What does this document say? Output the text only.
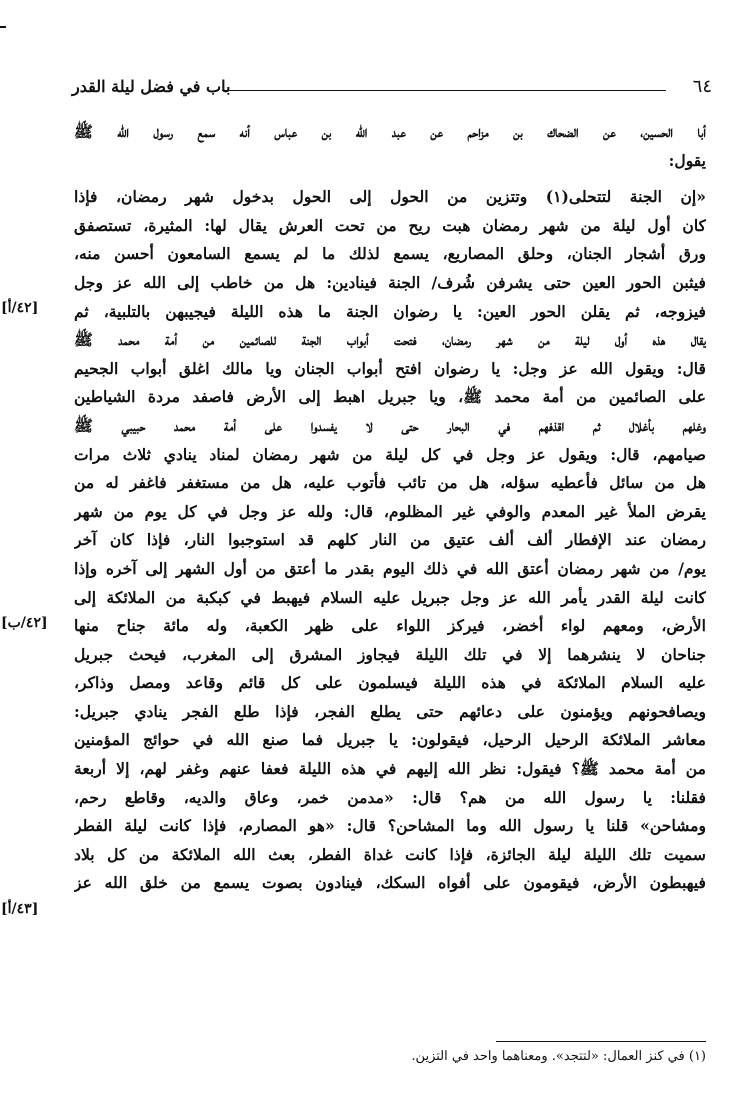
٦٤
باب في فضل ليلة القدر
أبا الحسين، عن الضحاك بن مزاحم عن عبد الله بن عباس أنه سمع رسول الله ﷺ
يقول:
«إن الجنة لتتحلى(١) وتتزين من الحول إلى الحول بدخول شهر رمضان، فإذا
كان أول ليلة من شهر رمضان هبت ريح من تحت العرش يقال لها: المثيرة، تستصفق
ورق أشجار الجنان، وحلق المصاريع، يسمع لذلك ما لم يسمع السامعون أحسن منه،
فيثبن الحور العين حتى يشرفن شُرف/ الجنة فينادين: هل من خاطب إلى الله عز وجل
فيزوجه، ثم يقلن الحور العين: يا رضوان الجنة ما هذه الليلة فيجيبهن بالتلبية، ثم
يقال هذه أول ليلة من شهر رمضان، فتحت أبواب الجنة للصائمين من أمة محمد ﷺ
قال: ويقول الله عز وجل: يا رضوان افتح أبواب الجنان ويا مالك اغلق أبواب الجحيم
على الصائمين من أمة محمد ﷺ، ويا جبريل اهبط إلى الأرض فاصفد مردة الشياطين
وغلهم بأغلال ثم اقذفهم في البحار حتى لا يفسدوا على أمة محمد حبيبي ﷺ
صيامهم، قال: ويقول عز وجل في كل ليلة من شهر رمضان لمناد ينادي ثلاث مرات
هل من سائل فأعطيه سؤله، هل من تائب فأتوب عليه، هل من مستغفر فاغفر له من
يقرض الملأ غير المعدم والوفي غير المظلوم، قال: ولله عز وجل في كل يوم من شهر
رمضان عند الإفطار ألف ألف عتيق من النار كلهم قد استوجبوا النار، فإذا كان آخر
يوم/ من شهر رمضان أعتق الله في ذلك اليوم بقدر ما أعتق من أول الشهر إلى آخره وإذا
كانت ليلة القدر يأمر الله عز وجل جبريل عليه السلام فيهبط في كبكبة من الملائكة إلى
الأرض، ومعهم لواء أخضر، فيركز اللواء على ظهر الكعبة، وله مائة جناح منها
جناحان لا ينشرهما إلا في تلك الليلة فيجاوز المشرق إلى المغرب، فيحث جبريل
عليه السلام الملائكة في هذه الليلة فيسلمون على كل قائم وقاعد ومصل وذاكر،
ويصافحونهم ويؤمنون على دعائهم حتى يطلع الفجر، فإذا طلع الفجر ينادي جبريل:
معاشر الملائكة الرحيل الرحيل، فيقولون: يا جبريل فما صنع الله في حوائج المؤمنين
من أمة محمد ﷺ؟ فيقول: نظر الله إليهم في هذه الليلة فعفا عنهم وغفر لهم، إلا أربعة
فقلنا: يا رسول الله من هم؟ قال: «مدمن خمر، وعاق والديه، وقاطع رحم،
ومشاحن» قلنا يا رسول الله وما المشاحن؟ قال: «هو المصارم، فإذا كانت ليلة الفطر
سميت تلك الليلة ليلة الجائزة، فإذا كانت غداة الفطر، بعث الله الملائكة من كل بلاد
فيهبطون الأرض، فيقومون على أفواه السكك، فينادون بصوت يسمع من خلق الله عز
[٤٢/أ]
[٤٢/ب]
[٤٣/أ]
(١) في كنز العمال: «لتتجد». ومعناهما واحد في التزين.
